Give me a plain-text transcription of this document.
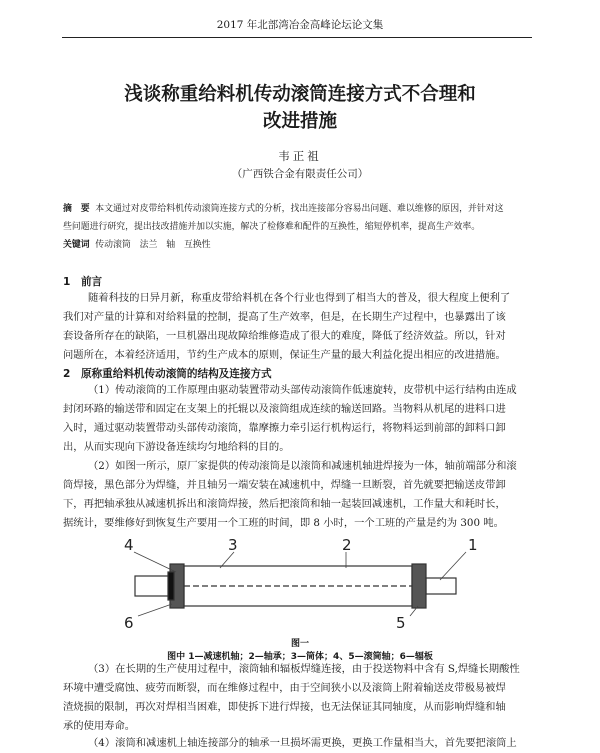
2017 年北部湾冶金高峰论坛论文集
浅谈称重给料机传动滚筒连接方式不合理和
改进措施
韦正祖
（广西铁合金有限责任公司）
摘　要 本文通过对皮带给料机传动滚筒连接方式的分析，找出连接部分容易出问题、难以维修的原因，并针对这
些问题进行研究，提出技改措施并加以实施，解决了检修难和配件的互换性，缩短停机率，提高生产效率。
关键词 传动滚筒　法兰　轴　互换性
1　前言
随着科技的日异月新，称重皮带给料机在各个行业也得到了相当大的普及，很大程度上便利了
我们对产量的计算和对给料量的控制，提高了生产效率，但是，在长期生产过程中，也暴露出了该
套设备所存在的缺陷，一旦机器出现故障给维修造成了很大的难度，降低了经济效益。所以，针对
问题所在，本着经济适用，节约生产成本的原则，保证生产量的最大利益化提出相应的改进措施。
2　原称重给料机传动滚筒的结构及连接方式
（1）传动滚筒的工作原理由驱动装置带动头部传动滚筒作低速旋转，皮带机中运行结构由连成
封闭环路的输送带和固定在支架上的托辊以及滚筒组成连续的输送回路。当物料从机尾的进料口进
入时，通过驱动装置带动头部传动滚筒，靠摩擦力牵引运行机构运行，将物料运到前部的卸料口卸
出，从而实现向下游设备连续均匀地给料的目的。
（2）如图一所示，原厂家提供的传动滚筒是以滚筒和减速机轴进焊接为一体，轴前端部分和滚
筒焊接，黑色部分为焊缝，并且轴另一端安装在减速机中，焊缝一旦断裂，首先就要把输送皮带卸
下，再把轴承独从减速机拆出和滚筒焊接，然后把滚筒和轴一起装回减速机，工作量大和耗时长，
据统计，要维修好到恢复生产要用一个工班的时间，即 8 小时，一个工班的产量是约为 300 吨。
4	3	2	1
6	5
图一
图中 1—减速机轴；2—轴承；3—筒体；4、5—滚筒轴；6—辐板
（3）在长期的生产使用过程中，滚筒轴和辐板焊缝连接，由于投送物料中含有 S,焊缝长期酸性
环境中遭受腐蚀、疲劳而断裂，而在维修过程中，由于空间狭小以及滚筒上附着输送皮带极易被焊
渣烧损的限制，再次对焊相当困难，即使拆下进行焊接，也无法保证其同轴度，从而影响焊缝和轴
承的使用寿命。
（4）滚筒和减速机上轴连接部分的轴承一旦损坏需更换，更换工作量相当大，首先要把滚筒上
